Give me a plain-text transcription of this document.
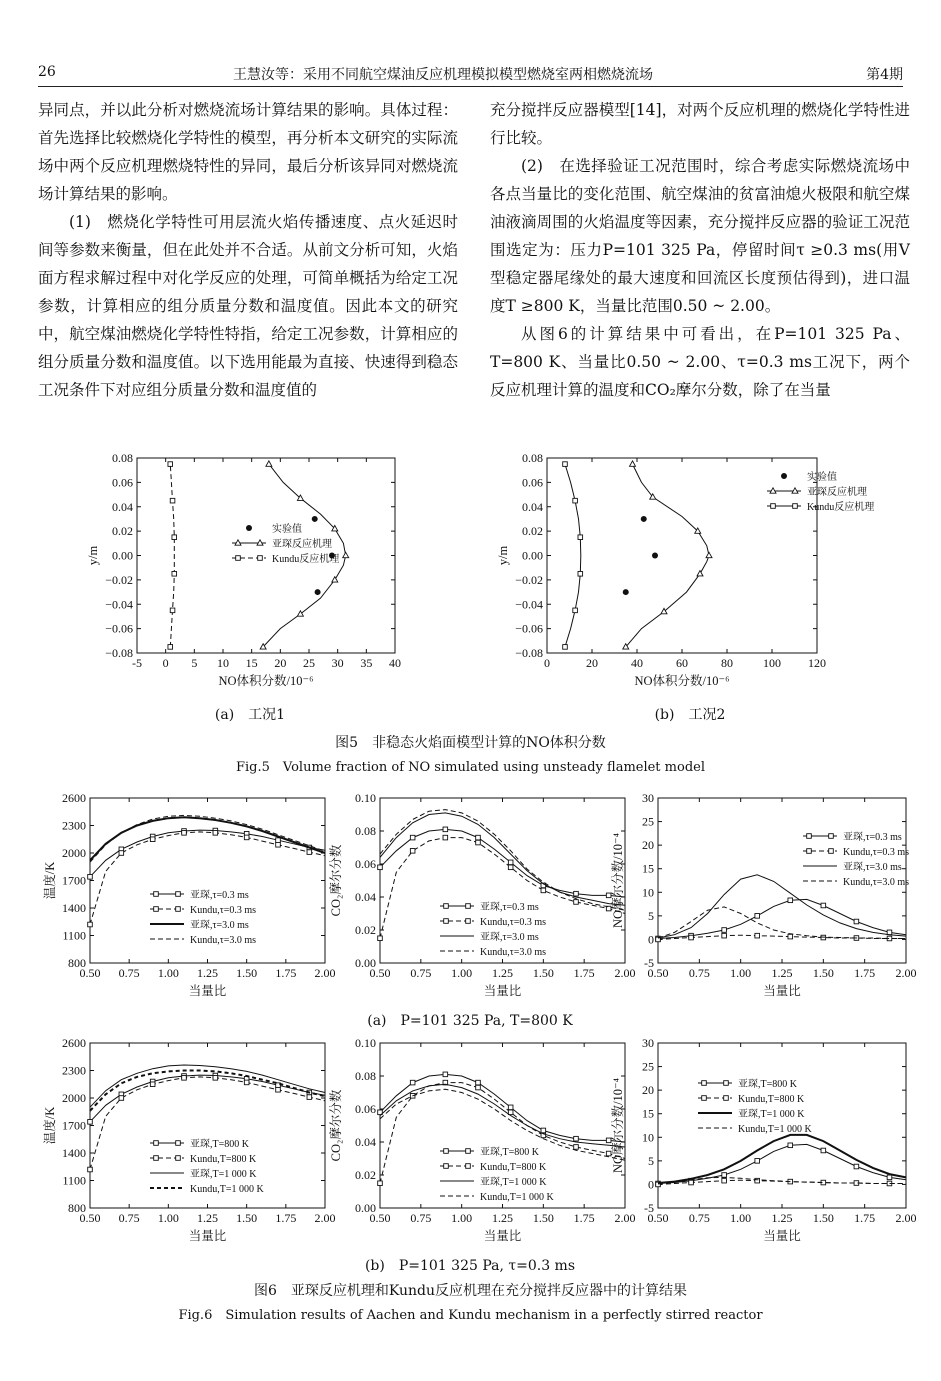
26	王慧汝等：采用不同航空煤油反应机理模拟模型燃烧室两相燃烧流场	第4期

异同点，并以此分析对燃烧流场计算结果的影响。具体过程：首先选择比较燃烧化学特性的模型，再分析本文研究的实际流场中两个反应机理燃烧特性的异同，最后分析该异同对燃烧流场计算结果的影响。

(1)　燃烧化学特性可用层流火焰传播速度、点火延迟时间等参数来衡量，但在此处并不合适。从前文分析可知，火焰面方程求解过程中对化学反应的处理，可简单概括为给定工况参数，计算相应的组分质量分数和温度值。因此本文的研究中，航空煤油燃烧化学特性特指，给定工况参数，计算相应的组分质量分数和温度值。以下选用能最为直接、快速得到稳态工况条件下对应组分质量分数和温度值的

充分搅拌反应器模型[14]，对两个反应机理的燃烧化学特性进行比较。

(2)　在选择验证工况范围时，综合考虑实际燃烧流场中各点当量比的变化范围、航空煤油的贫富油熄火极限和航空煤油液滴周围的火焰温度等因素，充分搅拌反应器的验证工况范围选定为：压力P=101 325 Pa，停留时间τ ≥0.3 ms(用V型稳定器尾缘处的最大速度和回流区长度预估得到)，进口温度T ≥800 K，当量比范围0.50 ~ 2.00。

从图6的计算结果中可看出，在P=101 325 Pa、T=800 K、当量比0.50 ~ 2.00、τ=0.3 ms工况下，两个反应机理计算的温度和CO₂摩尔分数，除了在当量

-5 0 5 10 15 20 25 30 35 40
−0.08
−0.06
−0.04
−0.02
0.00
0.02
0.04
0.06
0.08
NO体积分数/10⁻⁶
y/m
实验值
亚琛反应机理
Kundu反应机理
0	20	40	60	80	100 120
−0.08
−0.06
−0.04
−0.02
0.00
0.02
0.04
0.06
0.08
NO体积分数/10⁻⁶
y/m
实验值
亚琛反应机理
Kundu反应机理
(a)　工况1	(b)　工况2
图5　非稳态火焰面模型计算的NO体积分数
Fig.5　Volume fraction of NO simulated using unsteady flamelet model
0.50 0.75 1.00 1.25 1.50 1.75 2.00
800
1100
1400
1700
2000
2300
2600
当量比
温度/K	亚琛,τ=0.3 ms
Kundu,τ=0.3 ms
亚琛,τ=3.0 ms
Kundu,τ=3.0 ms
0.50 0.75 1.00 1.25 1.50 1.75 2.00
0.00
0.02
0.04
0.06
0.08
0.10
当量比
CO₂摩尔分数	亚琛,τ=0.3 ms
Kundu,τ=0.3 ms
亚琛,τ=3.0 ms
Kundu,τ=3.0 ms
0.50 0.75 1.00 1.25 1.50 1.75 2.00
-5
0
5
10
15
20
25
30
当量比
NO摩尔分数/10⁻⁴	亚琛,τ=0.3 ms
Kundu,τ=0.3 ms
亚琛,τ=3.0 ms
Kundu,τ=3.0 ms
(a)　P=101 325 Pa, T=800 K
0.50 0.75 1.00 1.25 1.50 1.75 2.00
800
1100
1400
1700
2000
2300
2600
当量比
温度/K
亚琛,T=800 K
Kundu,T=800 K
亚琛,T=1 000 K
Kundu,T=1 000 K
0.50 0.75 1.00 1.25 1.50 1.75 2.00
0.00
0.02
0.04
0.06
0.08
0.10
当量比
CO₂摩尔分数	亚琛,T=800 K
Kundu,T=800 K
亚琛,T=1 000 K
Kundu,T=1 000 K
0.50 0.75 1.00 1.25 1.50 1.75 2.00
-5
0
5
10
15
20
25
30
当量比
NO摩尔分数/10⁻⁴	亚琛,T=800 K
Kundu,T=800 K
亚琛,T=1 000 K
Kundu,T=1 000 K
(b)　P=101 325 Pa, τ=0.3 ms
图6　亚琛反应机理和Kundu反应机理在充分搅拌反应器中的计算结果
Fig.6　Simulation results of Aachen and Kundu mechanism in a perfectly stirred reactor
